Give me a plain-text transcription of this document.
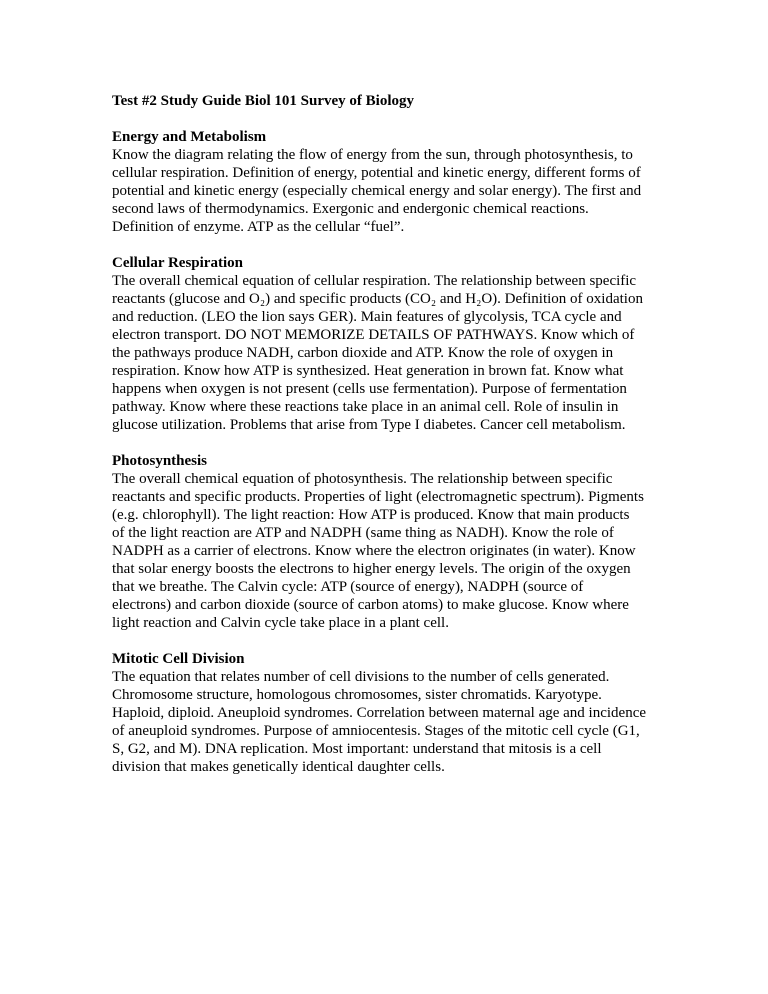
Test #2 Study Guide Biol 101 Survey of Biology

Energy and Metabolism

Know the diagram relating the flow of energy from the sun, through photosynthesis, to
cellular respiration. Definition of energy, potential and kinetic energy, different forms of
potential and kinetic energy (especially chemical energy and solar energy). The first and
second laws of thermodynamics. Exergonic and endergonic chemical reactions.
Definition of enzyme. ATP as the cellular “fuel”.

Cellular Respiration

The overall chemical equation of cellular respiration. The relationship between specific
reactants (glucose and O₂) and specific products (CO₂ and H₂O). Definition of oxidation
and reduction. (LEO the lion says GER). Main features of glycolysis, TCA cycle and
electron transport. DO NOT MEMORIZE DETAILS OF PATHWAYS. Know which of
the pathways produce NADH, carbon dioxide and ATP. Know the role of oxygen in
respiration. Know how ATP is synthesized. Heat generation in brown fat. Know what
happens when oxygen is not present (cells use fermentation). Purpose of fermentation
pathway. Know where these reactions take place in an animal cell. Role of insulin in
glucose utilization. Problems that arise from Type I diabetes. Cancer cell metabolism.

Photosynthesis

The overall chemical equation of photosynthesis. The relationship between specific
reactants and specific products. Properties of light (electromagnetic spectrum). Pigments
(e.g. chlorophyll). The light reaction: How ATP is produced. Know that main products
of the light reaction are ATP and NADPH (same thing as NADH). Know the role of
NADPH as a carrier of electrons. Know where the electron originates (in water). Know
that solar energy boosts the electrons to higher energy levels. The origin of the oxygen
that we breathe. The Calvin cycle: ATP (source of energy), NADPH (source of
electrons) and carbon dioxide (source of carbon atoms) to make glucose. Know where
light reaction and Calvin cycle take place in a plant cell.

Mitotic Cell Division

The equation that relates number of cell divisions to the number of cells generated.
Chromosome structure, homologous chromosomes, sister chromatids. Karyotype.
Haploid, diploid. Aneuploid syndromes. Correlation between maternal age and incidence
of aneuploid syndromes. Purpose of amniocentesis. Stages of the mitotic cell cycle (G1,
S, G2, and M). DNA replication. Most important: understand that mitosis is a cell
division that makes genetically identical daughter cells.
